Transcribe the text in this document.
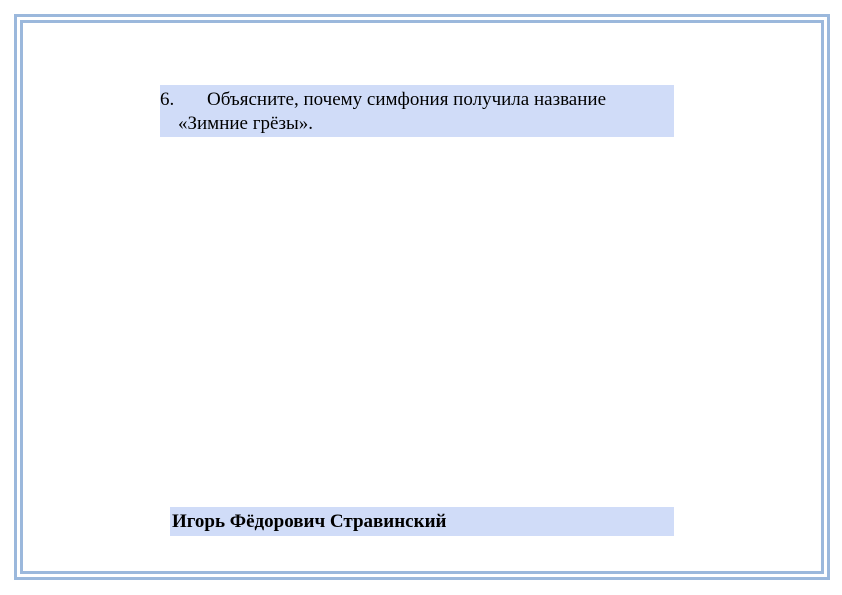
6. Объясните, почему симфония получила название
«Зимние грёзы».
Игорь Фёдорович Стравинский
